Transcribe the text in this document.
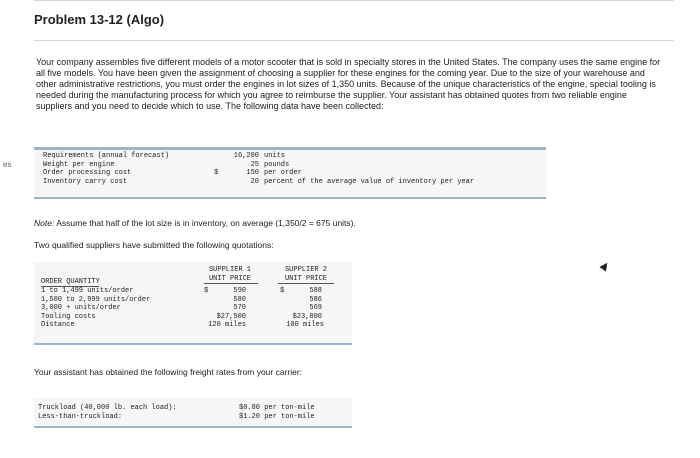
es
Problem 13-12 (Algo)
Your company assembles five different models of a motor scooter that is sold in specialty stores in the United States. The company uses the same engine for all five models. You have been given the assignment of choosing a supplier for these engines for the coming year. Due to the size of your warehouse and other administrative restrictions, you must order the engines in lot sizes of 1,350 units. Because of the unique characteristics of the engine, special tooling is needed during the manufacturing process for which you agree to reimburse the supplier. Your assistant has obtained quotes from two reliable engine suppliers and you need to decide which to use. The following data have been collected:
Requirements (annual forecast)
Weight per engine
Order processing cost
Inventory carry cost
$
16,200
25
150
20
units
pounds
per order
percent of the average value of inventory per year
Note: Assume that half of the lot size is in inventory, on average (1,350/2 = 675 units).
Two qualified suppliers have submitted the following quotations:
SUPPLIER 1
UNIT PRICE
SUPPLIER 2
UNIT PRICE
ORDER QUANTITY
1 to 1,499 units/order
1,500 to 2,999 units/order
3,000 + units/order
Tooling costs
Distance
$	590
580
570
$27,500
120 miles
$	588
586
569
$23,800
100 miles
Your assistant has obtained the following freight rates from your carrier:
Truckload (40,000 lb. each load):
Less-than-truckload:
$0.80 per ton-mile
$1.20 per ton-mile
